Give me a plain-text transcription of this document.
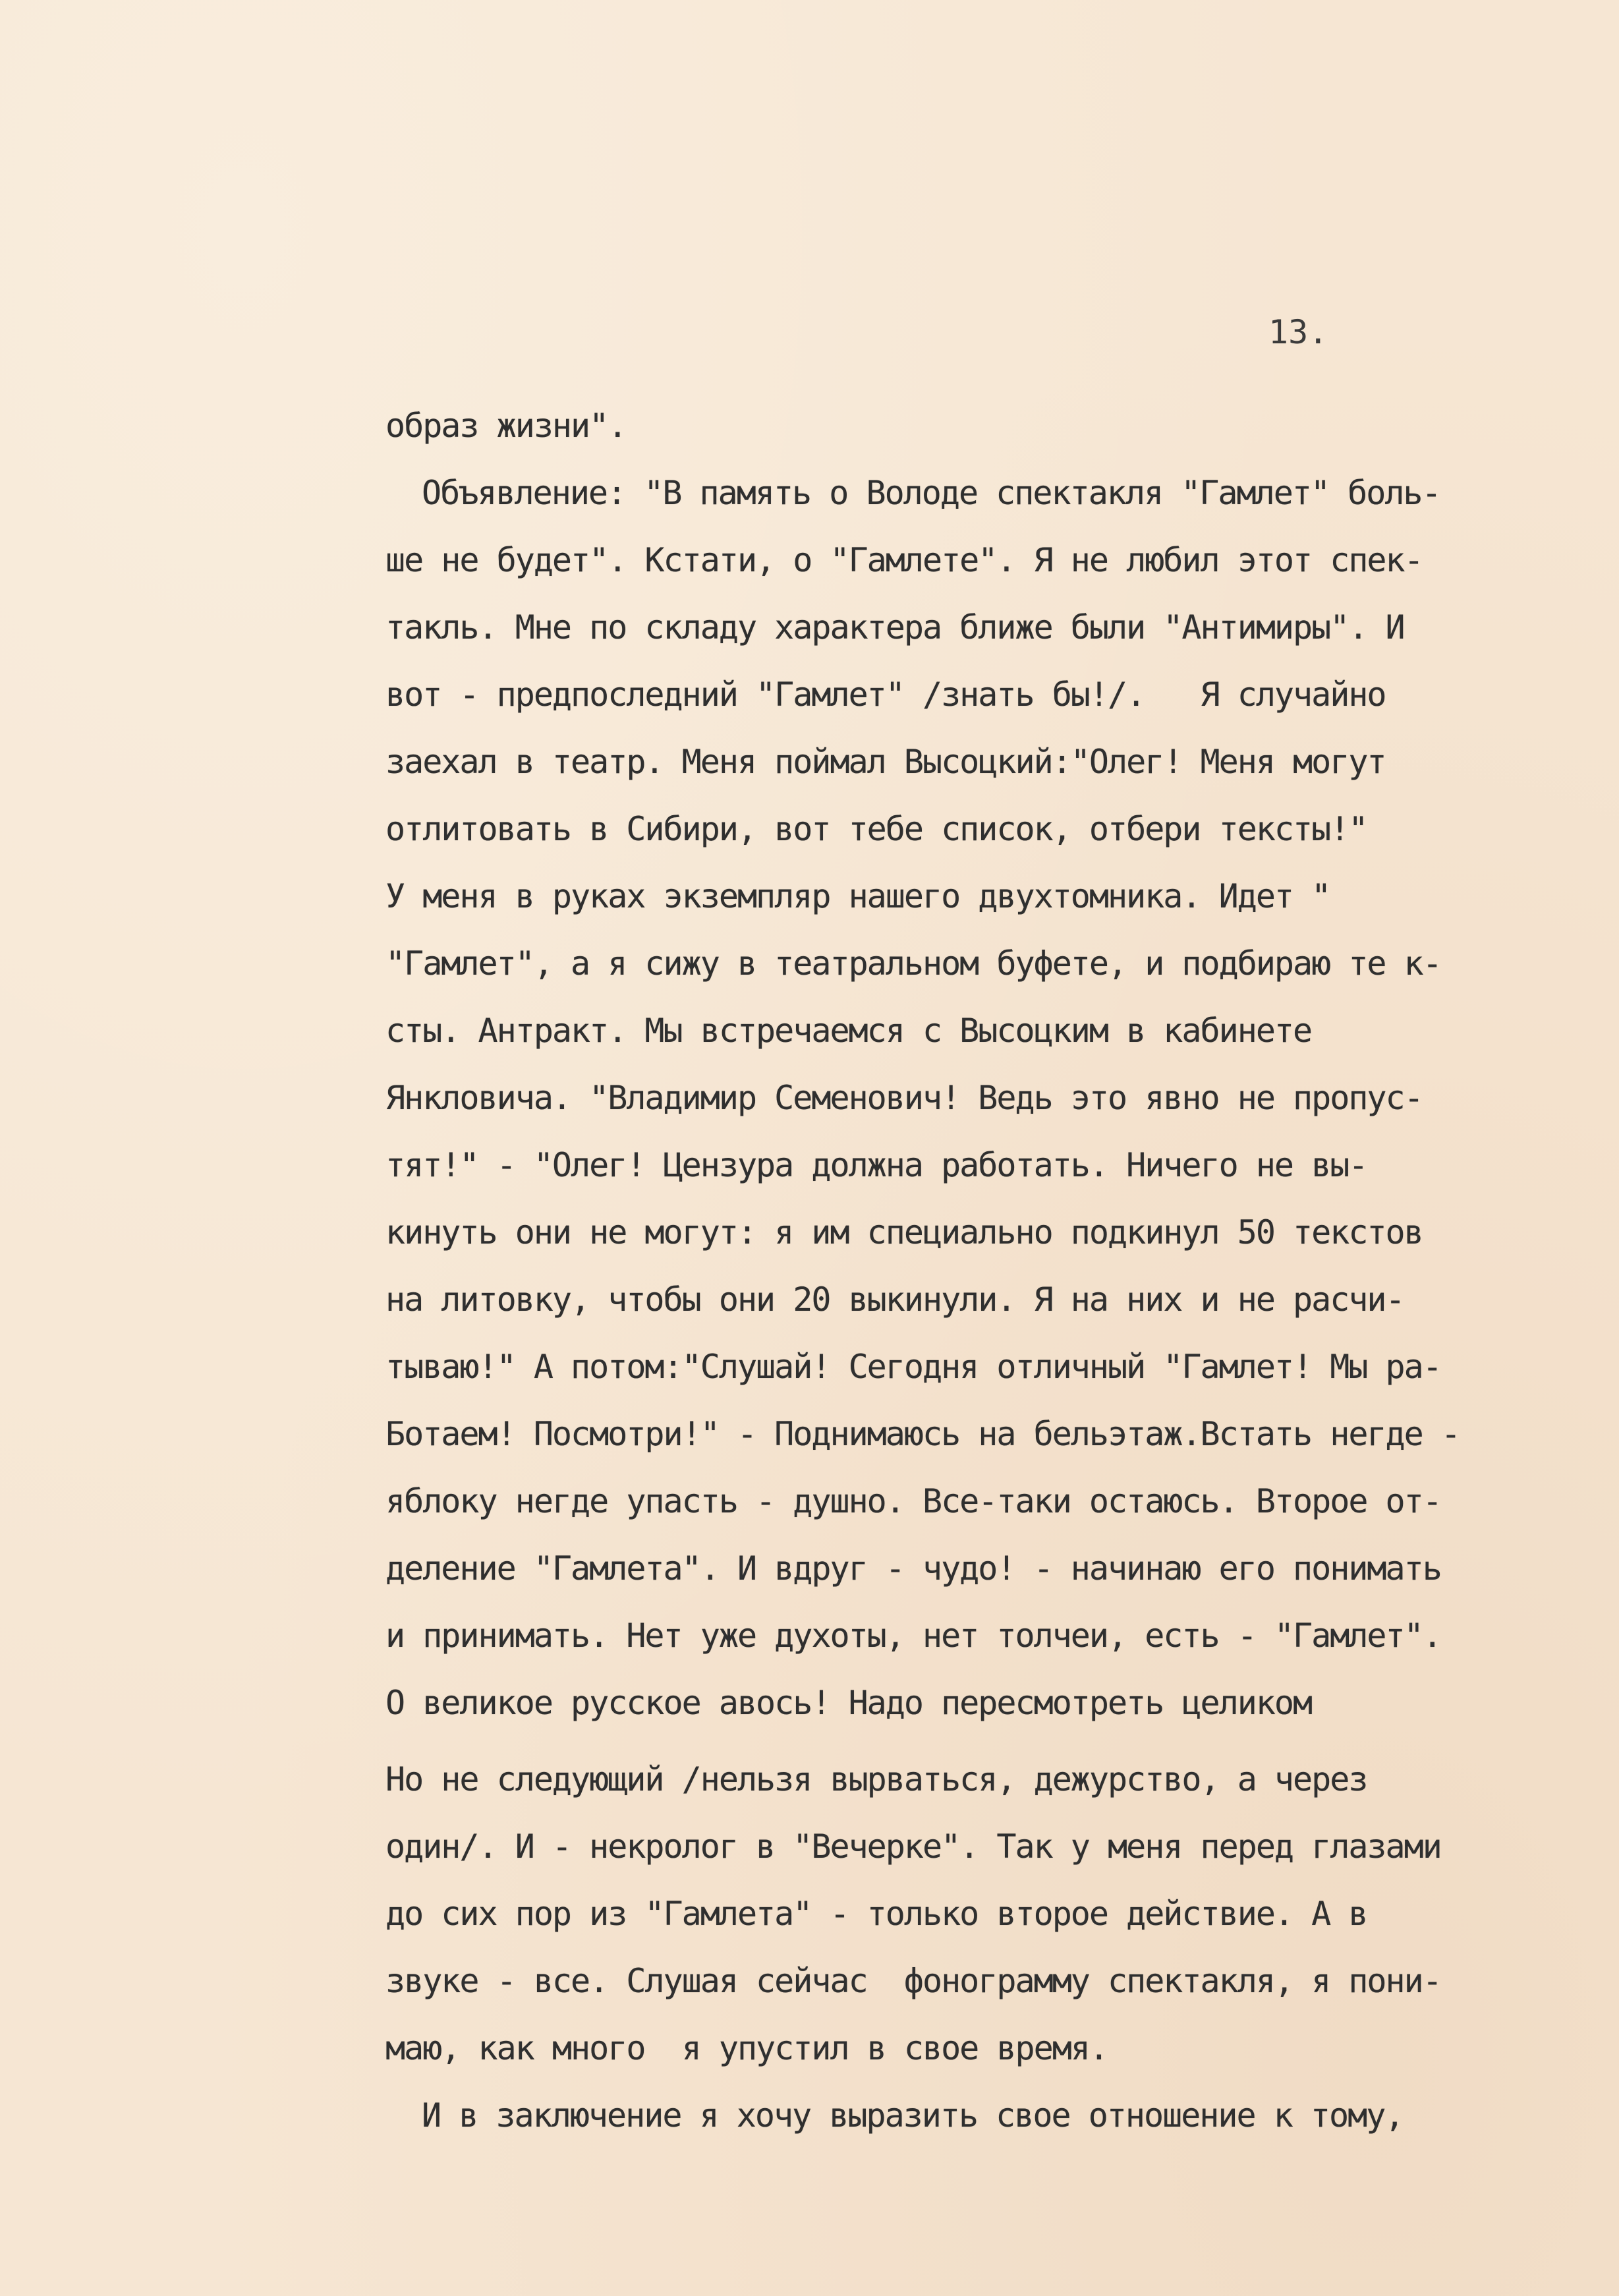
13.
образ жизни".
Объявление: "В память о Володе спектакля "Гамлет" боль-
ше не будет". Кстати, о "Гамлете". Я не любил этот спек-
такль. Мне по складу характера ближе были "Антимиры". И
вот - предпоследний "Гамлет" /знать бы!/.   Я случайно
заехал в театр. Меня поймал Высоцкий:"Олег! Меня могут
отлитовать в Сибири, вот тебе список, отбери тексты!"
У меня в руках экземпляр нашего двухтомника. Идет "
"Гамлет", а я сижу в театральном буфете, и подбираю те к-
сты. Антракт. Мы встречаемся с Высоцким в кабинете
Янкловича. "Владимир Семенович! Ведь это явно не пропус-
тят!" - "Олег! Цензура должна работать. Ничего не вы-
кинуть они не могут: я им специально подкинул 50 текстов
на литовку, чтобы они 20 выкинули. Я на них и не расчи-
тываю!" А потом:"Слушай! Сегодня отличный "Гамлет! Мы ра-
Ботаем! Посмотри!" - Поднимаюсь на бельэтаж.Встать негде -
яблоку негде упасть - душно. Все-таки остаюсь. Второе от-
деление "Гамлета". И вдруг - чудо! - начинаю его понимать
и принимать. Нет уже духоты, нет толчеи, есть - "Гамлет".
О великое русское авось! Надо пересмотреть целиком
Но не следующий /нельзя вырваться, дежурство, а через
один/. И - некролог в "Вечерке". Так у меня перед глазами
до сих пор из "Гамлета" - только второе действие. А в
звуке - все. Слушая сейчас  фонограмму спектакля, я пони-
маю, как много  я упустил в свое время.
И в заключение я хочу выразить свое отношение к тому,
